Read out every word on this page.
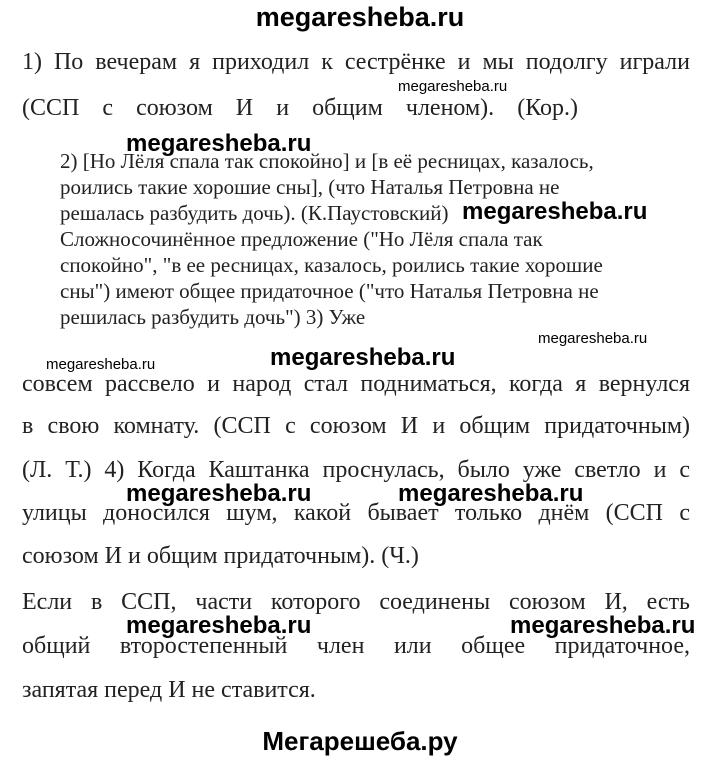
megaresheba.ru
1) По вечерам я приходил к сестрёнке и мы подолгу играли
(ССП с союзом И и общим членом). (Кор.)
2) [Но Лёля спала так спокойно] и [в её ресницах, казалось,
роились такие хорошие сны], (что Наталья Петровна не
решалась разбудить дочь). (К.Паустовский)
Сложносочинённое предложение ("Но Лёля спала так
спокойно", "в ее ресницах, казалось, роились такие хорошие
сны") имеют общее придаточное ("что Наталья Петровна не
решилась разбудить дочь") 3) Уже
совсем рассвело и народ стал подниматься, когда я вернулся
в свою комнату. (ССП с союзом И и общим придаточным)
(Л. Т.) 4) Когда Каштанка проснулась, было уже светло и с
улицы доносился шум, какой бывает только днём (ССП с
союзом И и общим придаточным). (Ч.)
Если в ССП, части которого соединены союзом И, есть
общий второстепенный член или общее придаточное,
запятая перед И не ставится.
megaresheba.ru
megaresheba.ru
megaresheba.ru
megaresheba.ru
megaresheba.ru	megaresheba.ru
megaresheba.ru	megaresheba.ru
megaresheba.ru	megaresheba.ru
Мегарешеба.ру
